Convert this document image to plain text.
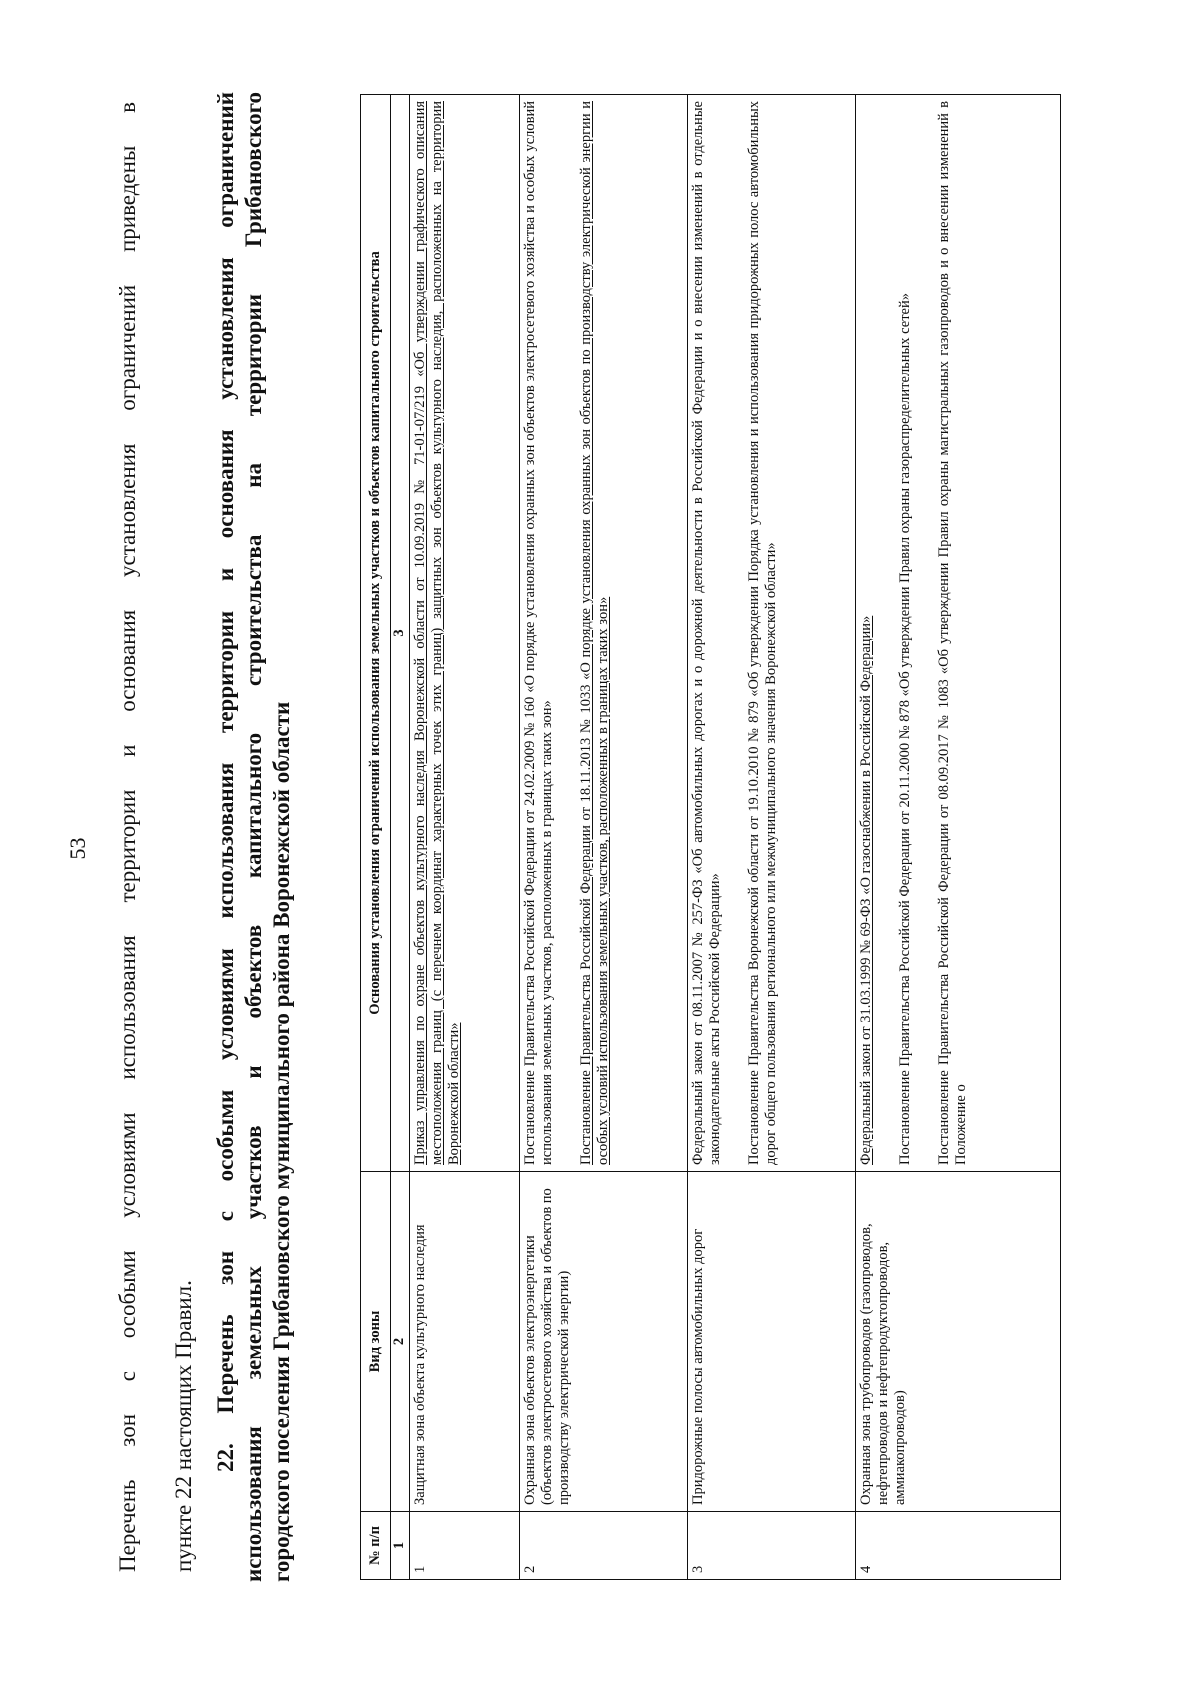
53	Перечень зон с особыми условиями использования территории и основания установления ограничений приведены в	пункте 22 настоящих Правил. 22. Перечень зон с особыми условиями использования территории и основания установления ограничений использования земельных участков и объектов капитального строительства на территории Грибановского городского поселения Грибановского муниципального района Воронежской области	№ п/п	Вид зоны	Основания установления ограничений использования земельных участков и объектов капитального строительства
1	2	3
1	Защитная зона объекта культурного наследия	Приказ управления по охране объектов культурного наследия Воронежской области от 10.09.2019 № 71-01-07/219 «Об утверждении графического описания местоположения границ (с перечнем координат характерных точек этих границ) защитных зон объектов культурного наследия, расположенных на территории Воронежской области»

2	Охранная зона объектов электроэнергетики (объектов электросетевого хозяйства и объектов по производству электрической энергии)	Постановление Правительства Российской Федерации от 24.02.2009 № 160 «О порядке установления охранных зон объектов электросетевого хозяйства и особых условий использования земельных участков, расположенных в границах таких зон» Постановление Правительства Российской Федерации от 18.11.2013 № 1033 «О порядке установления охранных зон объектов по производству электрической энергии и особых условий использования земельных участков, расположенных в границах таких зон»

3	Придорожные полосы автомобильных дорог	Федеральный закон от 08.11.2007 № 257-ФЗ «Об автомобильных дорогах и о дорожной деятельности в Российской Федерации и о внесении изменений в отдельные законодательные акты Российской Федерации» Постановление Правительства Воронежской области от 19.10.2010 № 879 «Об утверждении Порядка установления и использования придорожных полос автомобильных дорог общего пользования регионального или межмуниципального значения Воронежской области»

4	Охранная зона трубопроводов (газопроводов, нефтепроводов и нефтепродуктопроводов, аммиакопроводов)	Федеральный закон от 31.03.1999 № 69-ФЗ «О газоснабжении в Российской Федерации» Постановление Правительства Российской Федерации от 20.11.2000 № 878 «Об утверждении Правил охраны газораспределительных сетей» Постановление Правительства Российской Федерации от 08.09.2017 № 1083 «Об утверждении Правил охраны магистральных газопроводов и о внесении изменений в Положение о
